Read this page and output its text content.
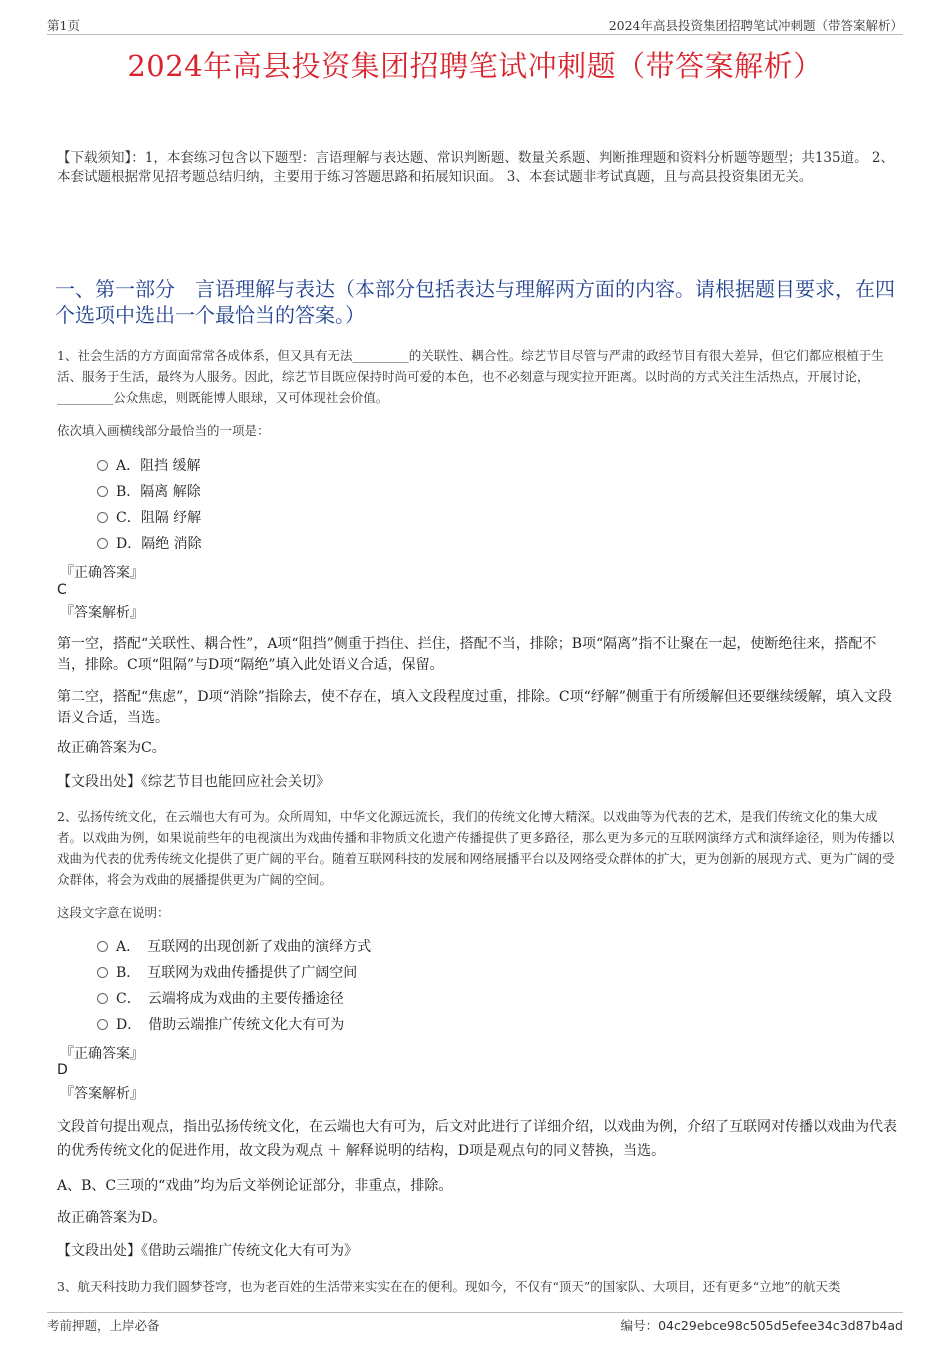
第1页	2024年高县投资集团招聘笔试冲刺题（带答案解析）
2024年高县投资集团招聘笔试冲刺题（带答案解析）
【下载须知】：1，本套练习包含以下题型：言语理解与表达题、常识判断题、数量关系题、判断推理题和资料分析题等题型；共135道。 2、本套试题根据常见招考题总结归纳，主要用于练习答题思路和拓展知识面。 3、本套试题非考试真题，且与高县投资集团无关。
一、第一部分　言语理解与表达（本部分包括表达与理解两方面的内容。请根据题目要求，在四个选项中选出一个最恰当的答案。）
1、社会生活的方方面面常常各成体系，但又具有无法_________的关联性、耦合性。综艺节目尽管与严肃的政经节目有很大差异，但它们都应根植于生活、服务于生活，最终为人服务。因此，综艺节目既应保持时尚可爱的本色，也不必刻意与现实拉开距离。以时尚的方式关注生活热点，开展讨论，_________公众焦虑，则既能博人眼球，又可体现社会价值。
依次填入画横线部分最恰当的一项是：
A．阻挡 缓解
B．隔离 解除
C．阻隔 纾解
D．隔绝 消除
『正确答案』
C
『答案解析』
第一空，搭配“关联性、耦合性”，A项“阻挡”侧重于挡住、拦住，搭配不当，排除；B项“隔离”指不让聚在一起，使断绝往来，搭配不当，排除。C项“阻隔”与D项“隔绝”填入此处语义合适，保留。
第二空，搭配“焦虑”，D项“消除”指除去，使不存在，填入文段程度过重，排除。C项“纾解”侧重于有所缓解但还要继续缓解，填入文段语义合适，当选。
故正确答案为C。
【文段出处】《综艺节目也能回应社会关切》
2、弘扬传统文化，在云端也大有可为。众所周知，中华文化源远流长，我们的传统文化博大精深。以戏曲等为代表的艺术，是我们传统文化的集大成者。以戏曲为例，如果说前些年的电视演出为戏曲传播和非物质文化遗产传播提供了更多路径，那么更为多元的互联网演绎方式和演绎途径，则为传播以戏曲为代表的优秀传统文化提供了更广阔的平台。随着互联网科技的发展和网络展播平台以及网络受众群体的扩大，更为创新的展现方式、更为广阔的受众群体，将会为戏曲的展播提供更为广阔的空间。
这段文字意在说明：
A．　互联网的出现创新了戏曲的演绎方式
B．　互联网为戏曲传播提供了广阔空间
C．　云端将成为戏曲的主要传播途径
D．　借助云端推广传统文化大有可为
『正确答案』
D
『答案解析』
文段首句提出观点，指出弘扬传统文化，在云端也大有可为，后文对此进行了详细介绍，以戏曲为例，介绍了互联网对传播以戏曲为代表的优秀传统文化的促进作用，故文段为观点 ＋ 解释说明的结构，D项是观点句的同义替换，当选。
A、B、C三项的“戏曲”均为后文举例论证部分，非重点，排除。
故正确答案为D。
【文段出处】《借助云端推广传统文化大有可为》
3、航天科技助力我们圆梦苍穹，也为老百姓的生活带来实实在在的便利。现如今，不仅有“顶天”的国家队、大项目，还有更多“立地”的航天类
考前押题，上岸必备	编号：04c29ebce98c505d5efee34c3d87b4ad
